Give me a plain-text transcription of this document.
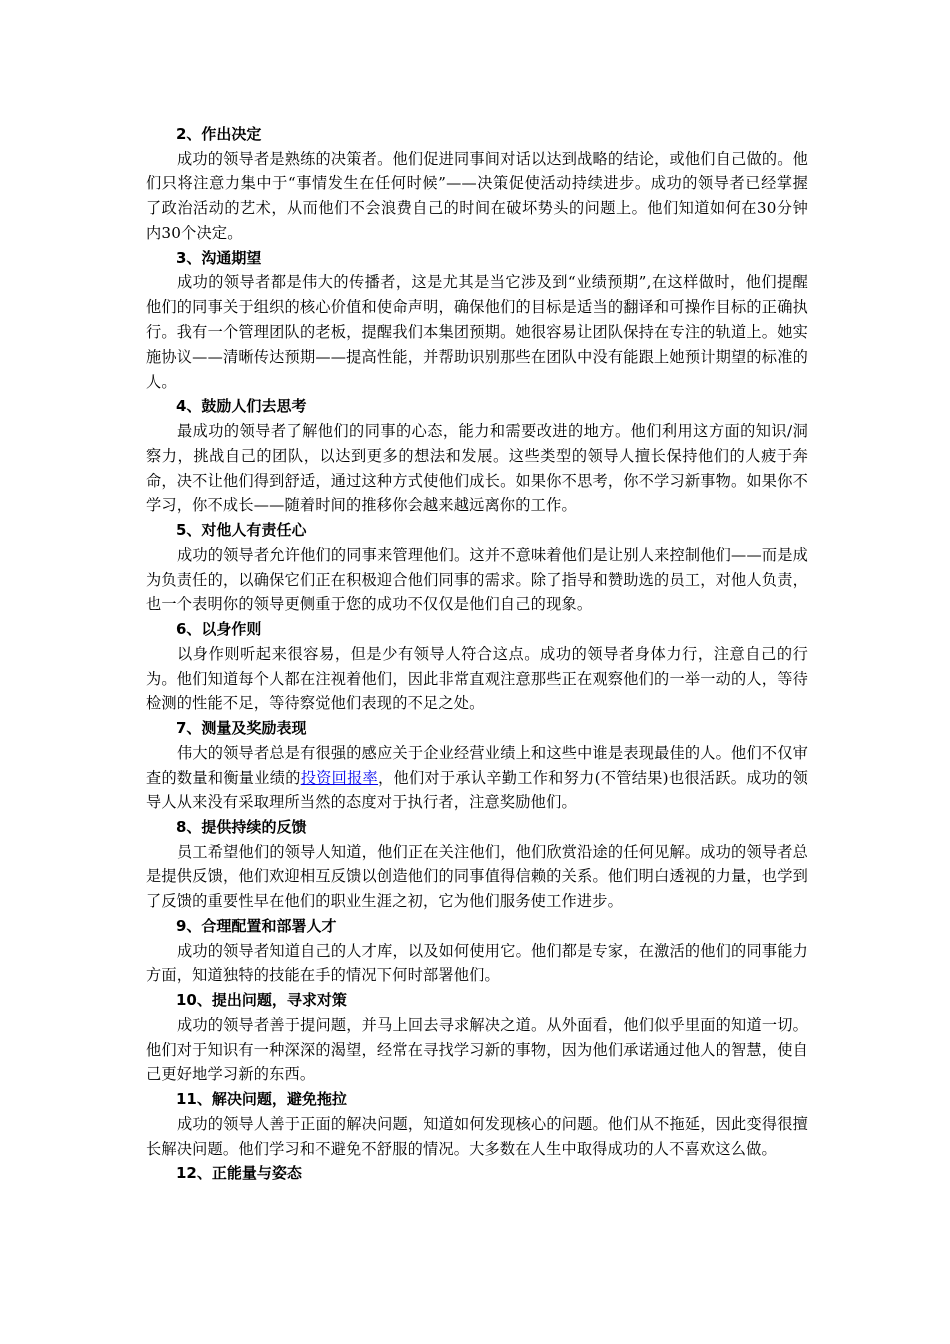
2、作出决定

成功的领导者是熟练的决策者。他们促进同事间对话以达到战略的结论，或他们自己做的。他们只将注意力集中于“事情发生在任何时候”——决策促使活动持续进步。成功的领导者已经掌握了政治活动的艺术，从而他们不会浪费自己的时间在破坏势头的问题上。他们知道如何在30分钟内30个决定。

3、沟通期望

成功的领导者都是伟大的传播者，这是尤其是当它涉及到“业绩预期”,在这样做时，他们提醒他们的同事关于组织的核心价值和使命声明，确保他们的目标是适当的翻译和可操作目标的正确执行。我有一个管理团队的老板，提醒我们本集团预期。她很容易让团队保持在专注的轨道上。她实施协议——清晰传达预期——提高性能，并帮助识别那些在团队中没有能跟上她预计期望的标准的人。

4、鼓励人们去思考

最成功的领导者了解他们的同事的心态，能力和需要改进的地方。他们利用这方面的知识/洞察力，挑战自己的团队，以达到更多的想法和发展。这些类型的领导人擅长保持他们的人疲于奔命，决不让他们得到舒适，通过这种方式使他们成长。如果你不思考，你不学习新事物。如果你不学习，你不成长——随着时间的推移你会越来越远离你的工作。

5、对他人有责任心

成功的领导者允许他们的同事来管理他们。这并不意味着他们是让别人来控制他们——而是成为负责任的，以确保它们正在积极迎合他们同事的需求。除了指导和赞助选的员工，对他人负责，也一个表明你的领导更侧重于您的成功不仅仅是他们自己的现象。

6、以身作则

以身作则听起来很容易，但是少有领导人符合这点。成功的领导者身体力行，注意自己的行为。他们知道每个人都在注视着他们，因此非常直观注意那些正在观察他们的一举一动的人，等待检测的性能不足，等待察觉他们表现的不足之处。

7、测量及奖励表现

伟大的领导者总是有很强的感应关于企业经营业绩上和这些中谁是表现最佳的人。他们不仅审查的数量和衡量业绩的投资回报率，他们对于承认辛勤工作和努力(不管结果)也很活跃。成功的领导人从来没有采取理所当然的态度对于执行者，注意奖励他们。

8、提供持续的反馈

员工希望他们的领导人知道，他们正在关注他们，他们欣赏沿途的任何见解。成功的领导者总是提供反馈，他们欢迎相互反馈以创造他们的同事值得信赖的关系。他们明白透视的力量，也学到了反馈的重要性早在他们的职业生涯之初，它为他们服务使工作进步。

9、合理配置和部署人才

成功的领导者知道自己的人才库，以及如何使用它。他们都是专家，在激活的他们的同事能力方面，知道独特的技能在手的情况下何时部署他们。

10、提出问题，寻求对策

成功的领导者善于提问题，并马上回去寻求解决之道。从外面看，他们似乎里面的知道一切。他们对于知识有一种深深的渴望，经常在寻找学习新的事物，因为他们承诺通过他人的智慧，使自己更好地学习新的东西。

11、解决问题，避免拖拉

成功的领导人善于正面的解决问题，知道如何发现核心的问题。他们从不拖延，因此变得很擅长解决问题。他们学习和不避免不舒服的情况。大多数在人生中取得成功的人不喜欢这么做。

12、正能量与姿态
